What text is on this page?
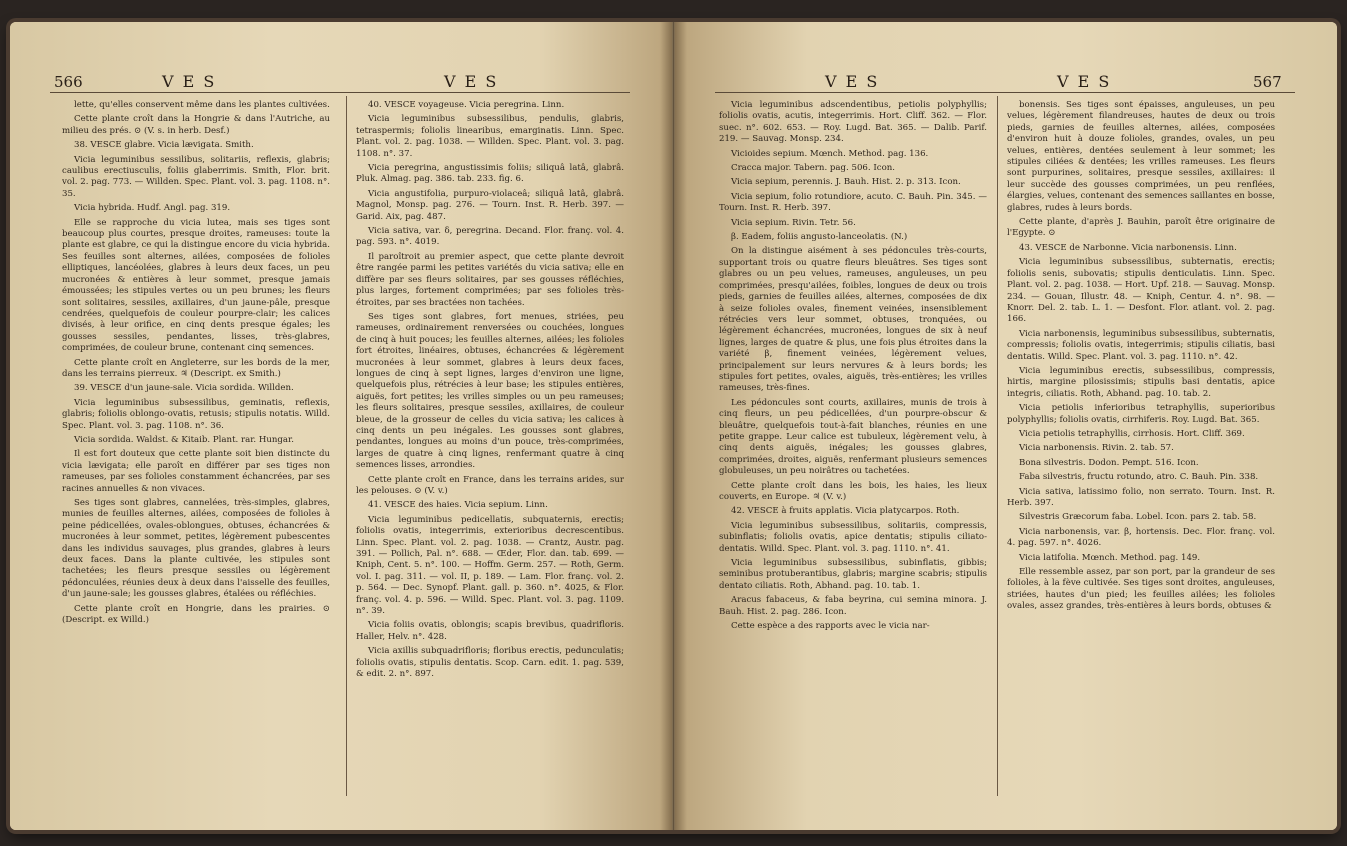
566	V E S	V E S

lette, qu'elles conservent même dans les plantes cultivées.

Cette plante croît dans la Hongrie & dans l'Autriche, au milieu des prés. ⊙ (V. s. in herb. Desf.)

38. VESCE glabre. Vicia lævigata. Smith.

Vicia leguminibus sessilibus, solitariis, reflexis, glabris; caulibus erectiusculis, foliis glaberrimis. Smith, Flor. brit. vol. 2. pag. 773. — Willden. Spec. Plant. vol. 3. pag. 1108. n°. 35.

Vicia hybrida. Hudf. Angl. pag. 319.

Elle se rapproche du vicia lutea, mais ses tiges sont beaucoup plus courtes, presque droites, rameuses: toute la plante est glabre, ce qui la distingue encore du vicia hybrida. Ses feuilles sont alternes, ailées, composées de folioles elliptiques, lancéolées, glabres à leurs deux faces, un peu mucronées & entières à leur sommet, presque jamais émoussées; les stipules vertes ou un peu brunes; les fleurs sont solitaires, sessiles, axillaires, d'un jaune-pâle, presque cendrées, quelquefois de couleur pourpre-clair; les calices divisés, à leur orifice, en cinq dents presque égales; les gousses sessiles, pendantes, lisses, très-glabres, comprimées, de couleur brune, contenant cinq semences.

Cette plante croît en Angleterre, sur les bords de la mer, dans les terrains pierreux. ♃ (Descript. ex Smith.)

39. VESCE d'un jaune-sale. Vicia sordida. Willden.

Vicia leguminibus subsessilibus, geminatis, reflexis, glabris; foliolis oblongo-ovatis, retusis; stipulis notatis. Willd. Spec. Plant. vol. 3. pag. 1108. n°. 36.

Vicia sordida. Waldst. & Kitaib. Plant. rar. Hungar.

Il est fort douteux que cette plante soit bien distincte du vicia lævigata; elle paroît en différer par ses tiges non rameuses, par ses folioles constamment échancrées, par ses racines annuelles & non vivaces.

Ses tiges sont glabres, cannelées, très-simples, glabres, munies de feuilles alternes, ailées, composées de folioles à peine pédicellées, ovales-oblongues, obtuses, échancrées & mucronées à leur sommet, petites, légèrement pubescentes dans les individus sauvages, plus grandes, glabres à leurs deux faces. Dans la plante cultivée, les stipules sont tachetées; les fleurs presque sessiles ou légèrement pédonculées, réunies deux à deux dans l'aisselle des feuilles, d'un jaune-sale; les gousses glabres, étalées ou réfléchies.

Cette plante croît en Hongrie, dans les prairies. ⊙ (Descript. ex Willd.)

40. VESCE voyageuse. Vicia peregrina. Linn.

Vicia leguminibus subsessilibus, pendulis, glabris, tetraspermis; foliolis linearibus, emarginatis. Linn. Spec. Plant. vol. 2. pag. 1038. — Willden. Spec. Plant. vol. 3. pag. 1108. n°. 37.

Vicia peregrina, angustissimis foliis; siliquâ latâ, glabrâ. Pluk. Almag. pag. 386. tab. 233. fig. 6.

Vicia angustifolia, purpuro-violaceâ; siliquâ latâ, glabrâ. Magnol, Monsp. pag. 276. — Tourn. Inst. R. Herb. 397. — Garid. Aix, pag. 487.

Vicia sativa, var. δ, peregrina. Decand. Flor. franç. vol. 4. pag. 593. n°. 4019.

Il paroîtroit au premier aspect, que cette plante devroit être rangée parmi les petites variétés du vicia sativa; elle en diffère par ses fleurs solitaires, par ses gousses réfléchies, plus larges, fortement comprimées; par ses folioles très-étroites, par ses bractées non tachées.

Ses tiges sont glabres, fort menues, striées, peu rameuses, ordinairement renversées ou couchées, longues de cinq à huit pouces; les feuilles alternes, ailées; les folioles fort étroites, linéaires, obtuses, échancrées & légèrement mucronées à leur sommet, glabres à leurs deux faces, longues de cinq à sept lignes, larges d'environ une ligne, quelquefois plus, rétrécies à leur base; les stipules entières, aiguës, fort petites; les vrilles simples ou un peu rameuses; les fleurs solitaires, presque sessiles, axillaires, de couleur bleue, de la grosseur de celles du vicia sativa; les calices à cinq dents un peu inégales. Les gousses sont glabres, pendantes, longues au moins d'un pouce, très-comprimées, larges de quatre à cinq lignes, renfermant quatre à cinq semences lisses, arrondies.

Cette plante croît en France, dans les terrains arides, sur les pelouses. ⊙ (V. v.)

41. VESCE des haies. Vicia sepium. Linn.

Vicia leguminibus pedicellatis, subquaternis, erectis; foliolis ovatis, integerrimis, exterioribus decrescentibus. Linn. Spec. Plant. vol. 2. pag. 1038. — Crantz, Austr. pag. 391. — Pollich, Pal. n°. 688. — Œder, Flor. dan. tab. 699. — Kniph, Cent. 5. n°. 100. — Hoffm. Germ. 257. — Roth, Germ. vol. I. pag. 311. — vol. II, p. 189. — Lam. Flor. franç. vol. 2. p. 564. — Dec. Synopf. Plant. gall. p. 360. n°. 4025, & Flor. franç. vol. 4. p. 596. — Willd. Spec. Plant. vol. 3. pag. 1109. n°. 39.

Vicia foliis ovatis, oblongis; scapis brevibus, quadrifloris. Haller, Helv. n°. 428.

Vicia axillis subquadrifloris; floribus erectis, pedunculatis; foliolis ovatis, stipulis dentatis. Scop. Carn. edit. 1. pag. 539, & edit. 2. n°. 897.

V E S	V E S	567

Vicia leguminibus adscendentibus, petiolis polyphyllis; foliolis ovatis, acutis, integerrimis. Hort. Cliff. 362. — Flor. suec. n°. 602. 653. — Roy. Lugd. Bat. 365. — Dalib. Parif. 219. — Sauvag. Monsp. 234.

Vicioides sepium. Mœnch. Method. pag. 136.

Cracca major. Tabern. pag. 506. Icon.

Vicia sepium, perennis. J. Bauh. Hist. 2. p. 313. Icon.

Vicia sepium, folio rotundiore, acuto. C. Bauh. Pin. 345. — Tourn. Inst. R. Herb. 397.

Vicia sepium. Rivin. Tetr. 56.

β. Eadem, foliis angusto-lanceolatis. (N.)

On la distingue aisément à ses pédoncules très-courts, supportant trois ou quatre fleurs bleuâtres. Ses tiges sont glabres ou un peu velues, rameuses, anguleuses, un peu comprimées, presqu'ailées, foibles, longues de deux ou trois pieds, garnies de feuilles ailées, alternes, composées de dix à seize folioles ovales, finement veinées, insensiblement rétrécies vers leur sommet, obtuses, tronquées, ou légèrement échancrées, mucronées, longues de six à neuf lignes, larges de quatre & plus, une fois plus étroites dans la variété β, finement veinées, légèrement velues, principalement sur leurs nervures & à leurs bords; les stipules fort petites, ovales, aiguës, très-entières; les vrilles rameuses, très-fines.

Les pédoncules sont courts, axillaires, munis de trois à cinq fleurs, un peu pédicellées, d'un pourpre-obscur & bleuâtre, quelquefois tout-à-fait blanches, réunies en une petite grappe. Leur calice est tubuleux, légèrement velu, à cinq dents aiguës, inégales; les gousses glabres, comprimées, droites, aiguës, renfermant plusieurs semences globuleuses, un peu noirâtres ou tachetées.

Cette plante croît dans les bois, les haies, les lieux couverts, en Europe. ♃ (V. v.)

42. VESCE à fruits applatis. Vicia platycarpos. Roth.

Vicia leguminibus subsessilibus, solitariis, compressis, subinflatis; foliolis ovatis, apice dentatis; stipulis ciliato-dentatis. Willd. Spec. Plant. vol. 3. pag. 1110. n°. 41.

Vicia leguminibus subsessilibus, subinflatis, gibbis; seminibus protuberantibus, glabris; margine scabris; stipulis dentato ciliatis. Roth, Abhand. pag. 10. tab. 1.

Aracus fabaceus, & faba beyrina, cui semina minora. J. Bauh. Hist. 2. pag. 286. Icon.

Cette espèce a des rapports avec le vicia nar-

bonensis. Ses tiges sont épaisses, anguleuses, un peu velues, légèrement filandreuses, hautes de deux ou trois pieds, garnies de feuilles alternes, ailées, composées d'environ huit à douze folioles, grandes, ovales, un peu velues, entières, dentées seulement à leur sommet; les stipules ciliées & dentées; les vrilles rameuses. Les fleurs sont purpurines, solitaires, presque sessiles, axillaires: il leur succède des gousses comprimées, un peu renflées, élargies, velues, contenant des semences saillantes en bosse, glabres, rudes à leurs bords.

Cette plante, d'après J. Bauhin, paroît être originaire de l'Egypte. ⊙

43. VESCE de Narbonne. Vicia narbonensis. Linn.

Vicia leguminibus subsessilibus, subternatis, erectis; foliolis senis, subovatis; stipulis denticulatis. Linn. Spec. Plant. vol. 2. pag. 1038. — Hort. Upf. 218. — Sauvag. Monsp. 234. — Gouan, Illustr. 48. — Kniph, Centur. 4. n°. 98. — Knorr. Del. 2. tab. L. 1. — Desfont. Flor. atlant. vol. 2. pag. 166.

Vicia narbonensis, leguminibus subsessilibus, subternatis, compressis; foliolis ovatis, integerrimis; stipulis ciliatis, basi dentatis. Willd. Spec. Plant. vol. 3. pag. 1110. n°. 42.

Vicia leguminibus erectis, subsessilibus, compressis, hirtis, margine pilosissimis; stipulis basi dentatis, apice integris, ciliatis. Roth, Abhand. pag. 10. tab. 2.

Vicia petiolis inferioribus tetraphyllis, superioribus polyphyllis; foliolis ovatis, cirrhiferis. Roy. Lugd. Bat. 365.

Vicia petiolis tetraphyllis, cirrhosis. Hort. Cliff. 369.

Vicia narbonensis. Rivin. 2. tab. 57.

Bona silvestris. Dodon. Pempt. 516. Icon.

Faba silvestris, fructu rotundo, atro. C. Bauh. Pin. 338.

Vicia sativa, latissimo folio, non serrato. Tourn. Inst. R. Herb. 397.

Silvestris Græcorum faba. Lobel. Icon. pars 2. tab. 58.

Vicia narbonensis, var. β, hortensis. Dec. Flor. franç. vol. 4. pag. 597. n°. 4026.

Vicia latifolia. Mœnch. Method. pag. 149.

Elle ressemble assez, par son port, par la grandeur de ses folioles, à la fève cultivée. Ses tiges sont droites, anguleuses, striées, hautes d'un pied; les feuilles ailées; les folioles ovales, assez grandes, très-entières à leurs bords, obtuses &
